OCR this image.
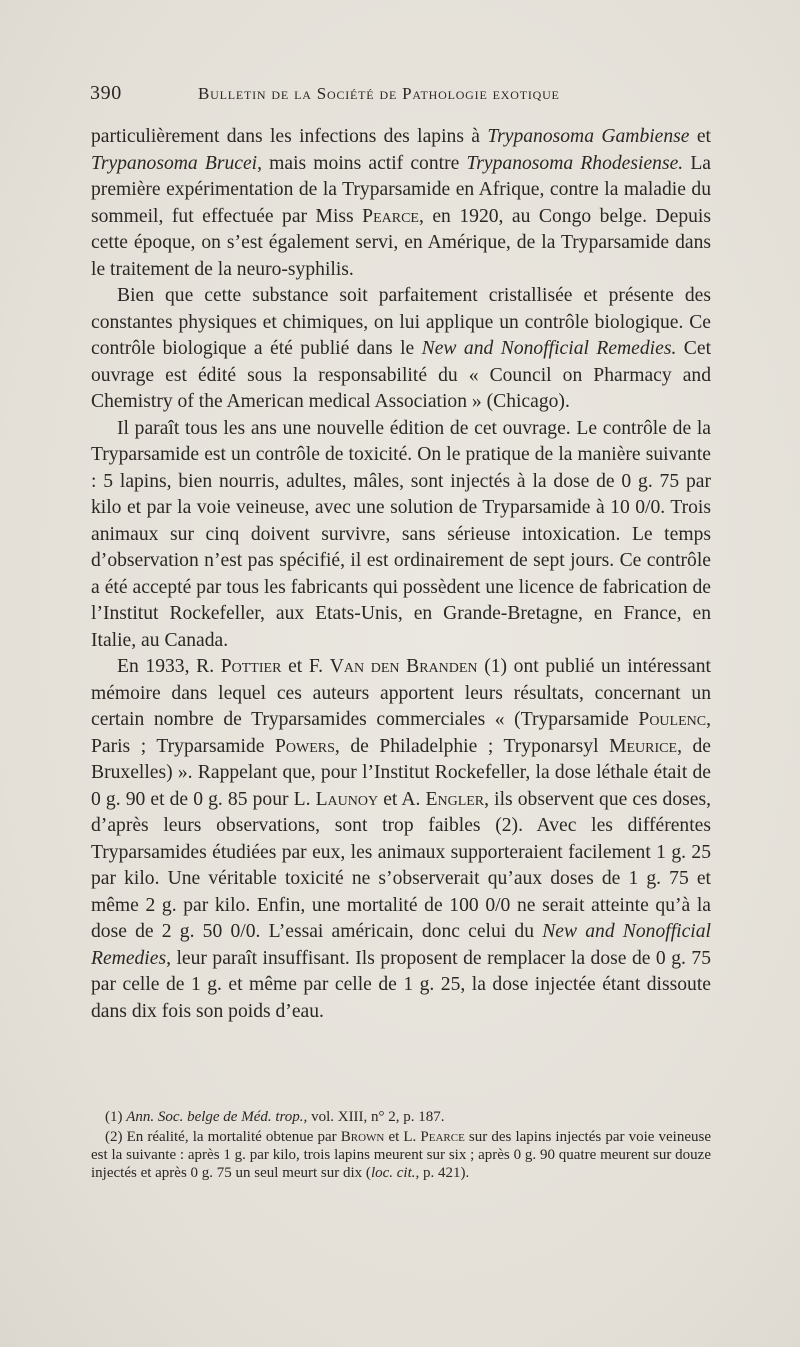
390	Bulletin de la Société de Pathologie exotique

particulièrement dans les infections des lapins à Trypanosoma Gambiense et Trypanosoma Brucei, mais moins actif contre Trypanosoma Rhodesiense. La première expérimentation de la Tryparsamide en Afrique, contre la maladie du sommeil, fut effectuée par Miss Pearce, en 1920, au Congo belge. Depuis cette époque, on s’est également servi, en Amérique, de la Tryparsamide dans le traitement de la neuro-syphilis.

Bien que cette substance soit parfaitement cristallisée et présente des constantes physiques et chimiques, on lui applique un contrôle biologique. Ce contrôle biologique a été publié dans le New and Nonofficial Remedies. Cet ouvrage est édité sous la responsabilité du « Council on Pharmacy and Chemistry of the American medical Association » (Chicago).

Il paraît tous les ans une nouvelle édition de cet ouvrage. Le contrôle de la Tryparsamide est un contrôle de toxicité. On le pratique de la manière suivante : 5 lapins, bien nourris, adultes, mâles, sont injectés à la dose de 0 g. 75 par kilo et par la voie veineuse, avec une solution de Tryparsamide à 10 0/0. Trois animaux sur cinq doivent survivre, sans sérieuse intoxication. Le temps d’observation n’est pas spécifié, il est ordinairement de sept jours. Ce contrôle a été accepté par tous les fabricants qui possèdent une licence de fabrication de l’Institut Rockefeller, aux Etats-Unis, en Grande-Bretagne, en France, en Italie, au Canada.

En 1933, R. Pottier et F. Van den Branden (1) ont publié un intéressant mémoire dans lequel ces auteurs apportent leurs résultats, concernant un certain nombre de Tryparsamides commerciales « (Tryparsamide Poulenc, Paris ; Tryparsamide Powers, de Philadelphie ; Tryponarsyl Meurice, de Bruxelles) ». Rappelant que, pour l’Institut Rockefeller, la dose léthale était de 0 g. 90 et de 0 g. 85 pour L. Launoy et A. Engler, ils observent que ces doses, d’après leurs observations, sont trop faibles (2). Avec les différentes Tryparsamides étudiées par eux, les animaux supporteraient facilement 1 g. 25 par kilo. Une véritable toxicité ne s’observerait qu’aux doses de 1 g. 75 et même 2 g. par kilo. Enfin, une mortalité de 100 0/0 ne serait atteinte qu’à la dose de 2 g. 50 0/0. L’essai américain, donc celui du New and Nonofficial Remedies, leur paraît insuffisant. Ils proposent de remplacer la dose de 0 g. 75 par celle de 1 g. et même par celle de 1 g. 25, la dose injectée étant dissoute dans dix fois son poids d’eau.

(1) Ann. Soc. belge de Méd. trop., vol. XIII, n° 2, p. 187.

(2) En réalité, la mortalité obtenue par Brown et L. Pearce sur des lapins injectés par voie veineuse est la suivante : après 1 g. par kilo, trois lapins meurent sur six ; après 0 g. 90 quatre meurent sur douze injectés et après 0 g. 75 un seul meurt sur dix (loc. cit., p. 421).
